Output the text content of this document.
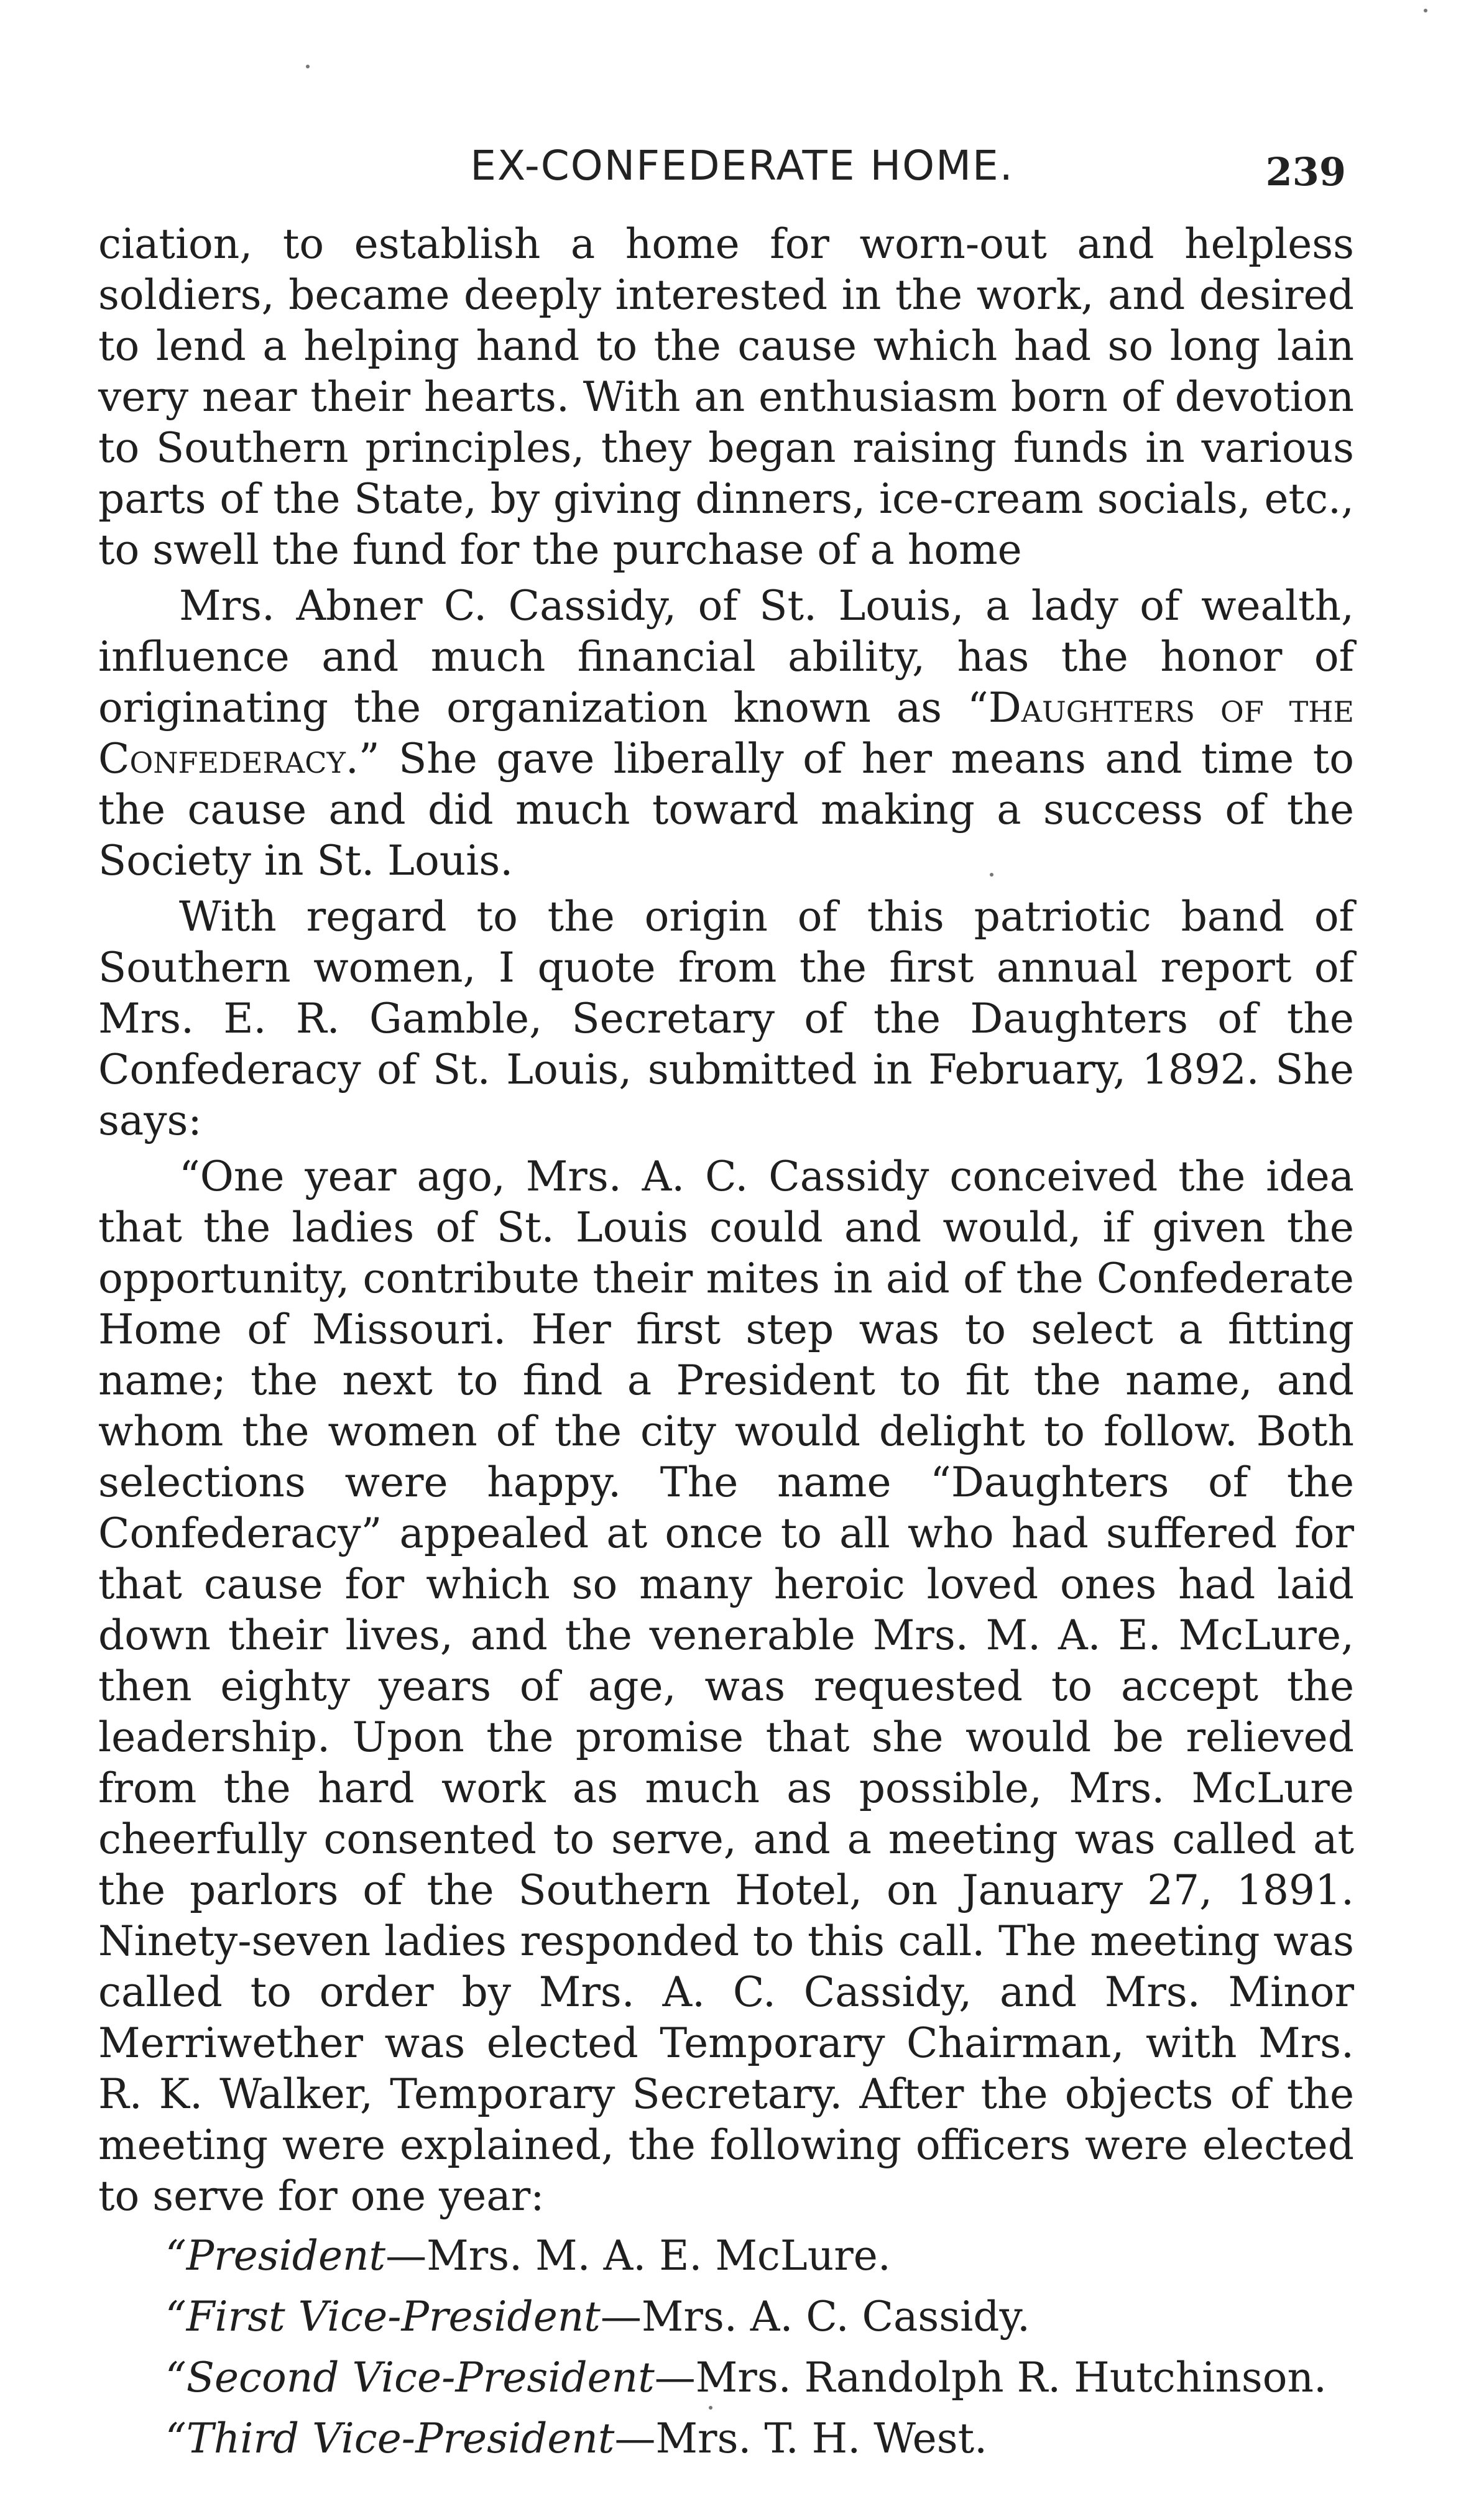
EX-CONFEDERATE HOME.	239

ciation, to establish a home for worn-out and helpless soldiers, became deeply interested in the work, and desired to lend a helping hand to the cause which had so long lain very near their hearts. With an enthusiasm born of devotion to Southern principles, they began raising funds in various parts of the State, by giving dinners, ice-cream socials, etc., to swell the fund for the purchase of a home

Mrs. Abner C. Cassidy, of St. Louis, a lady of wealth, influence and much financial ability, has the honor of originating the organization known as “Daughters of the Confederacy.” She gave liberally of her means and time to the cause and did much toward making a success of the Society in St. Louis.

With regard to the origin of this patriotic band of Southern women, I quote from the first annual report of Mrs. E. R. Gamble, Secretary of the Daughters of the Confederacy of St. Louis, submitted in February, 1892. She says:

“One year ago, Mrs. A. C. Cassidy conceived the idea that the ladies of St. Louis could and would, if given the opportunity, contribute their mites in aid of the Confederate Home of Missouri. Her first step was to select a fitting name; the next to find a President to fit the name, and whom the women of the city would delight to follow. Both selections were happy. The name “Daughters of the Confederacy” appealed at once to all who had suffered for that cause for which so many heroic loved ones had laid down their lives, and the venerable Mrs. M. A. E. McLure, then eighty years of age, was requested to accept the leadership. Upon the promise that she would be relieved from the hard work as much as possible, Mrs. McLure cheerfully consented to serve, and a meeting was called at the parlors of the Southern Hotel, on January 27, 1891. Ninety-seven ladies responded to this call. The meeting was called to order by Mrs. A. C. Cassidy, and Mrs. Minor Merriwether was elected Temporary Chairman, with Mrs. R. K. Walker, Temporary Secretary. After the objects of the meeting were explained, the following officers were elected to serve for one year:

“President—Mrs. M. A. E. McLure.
“First Vice-President—Mrs. A. C. Cassidy.
“Second Vice-President—Mrs. Randolph R. Hutchinson.
“Third Vice-President—Mrs. T. H. West.
